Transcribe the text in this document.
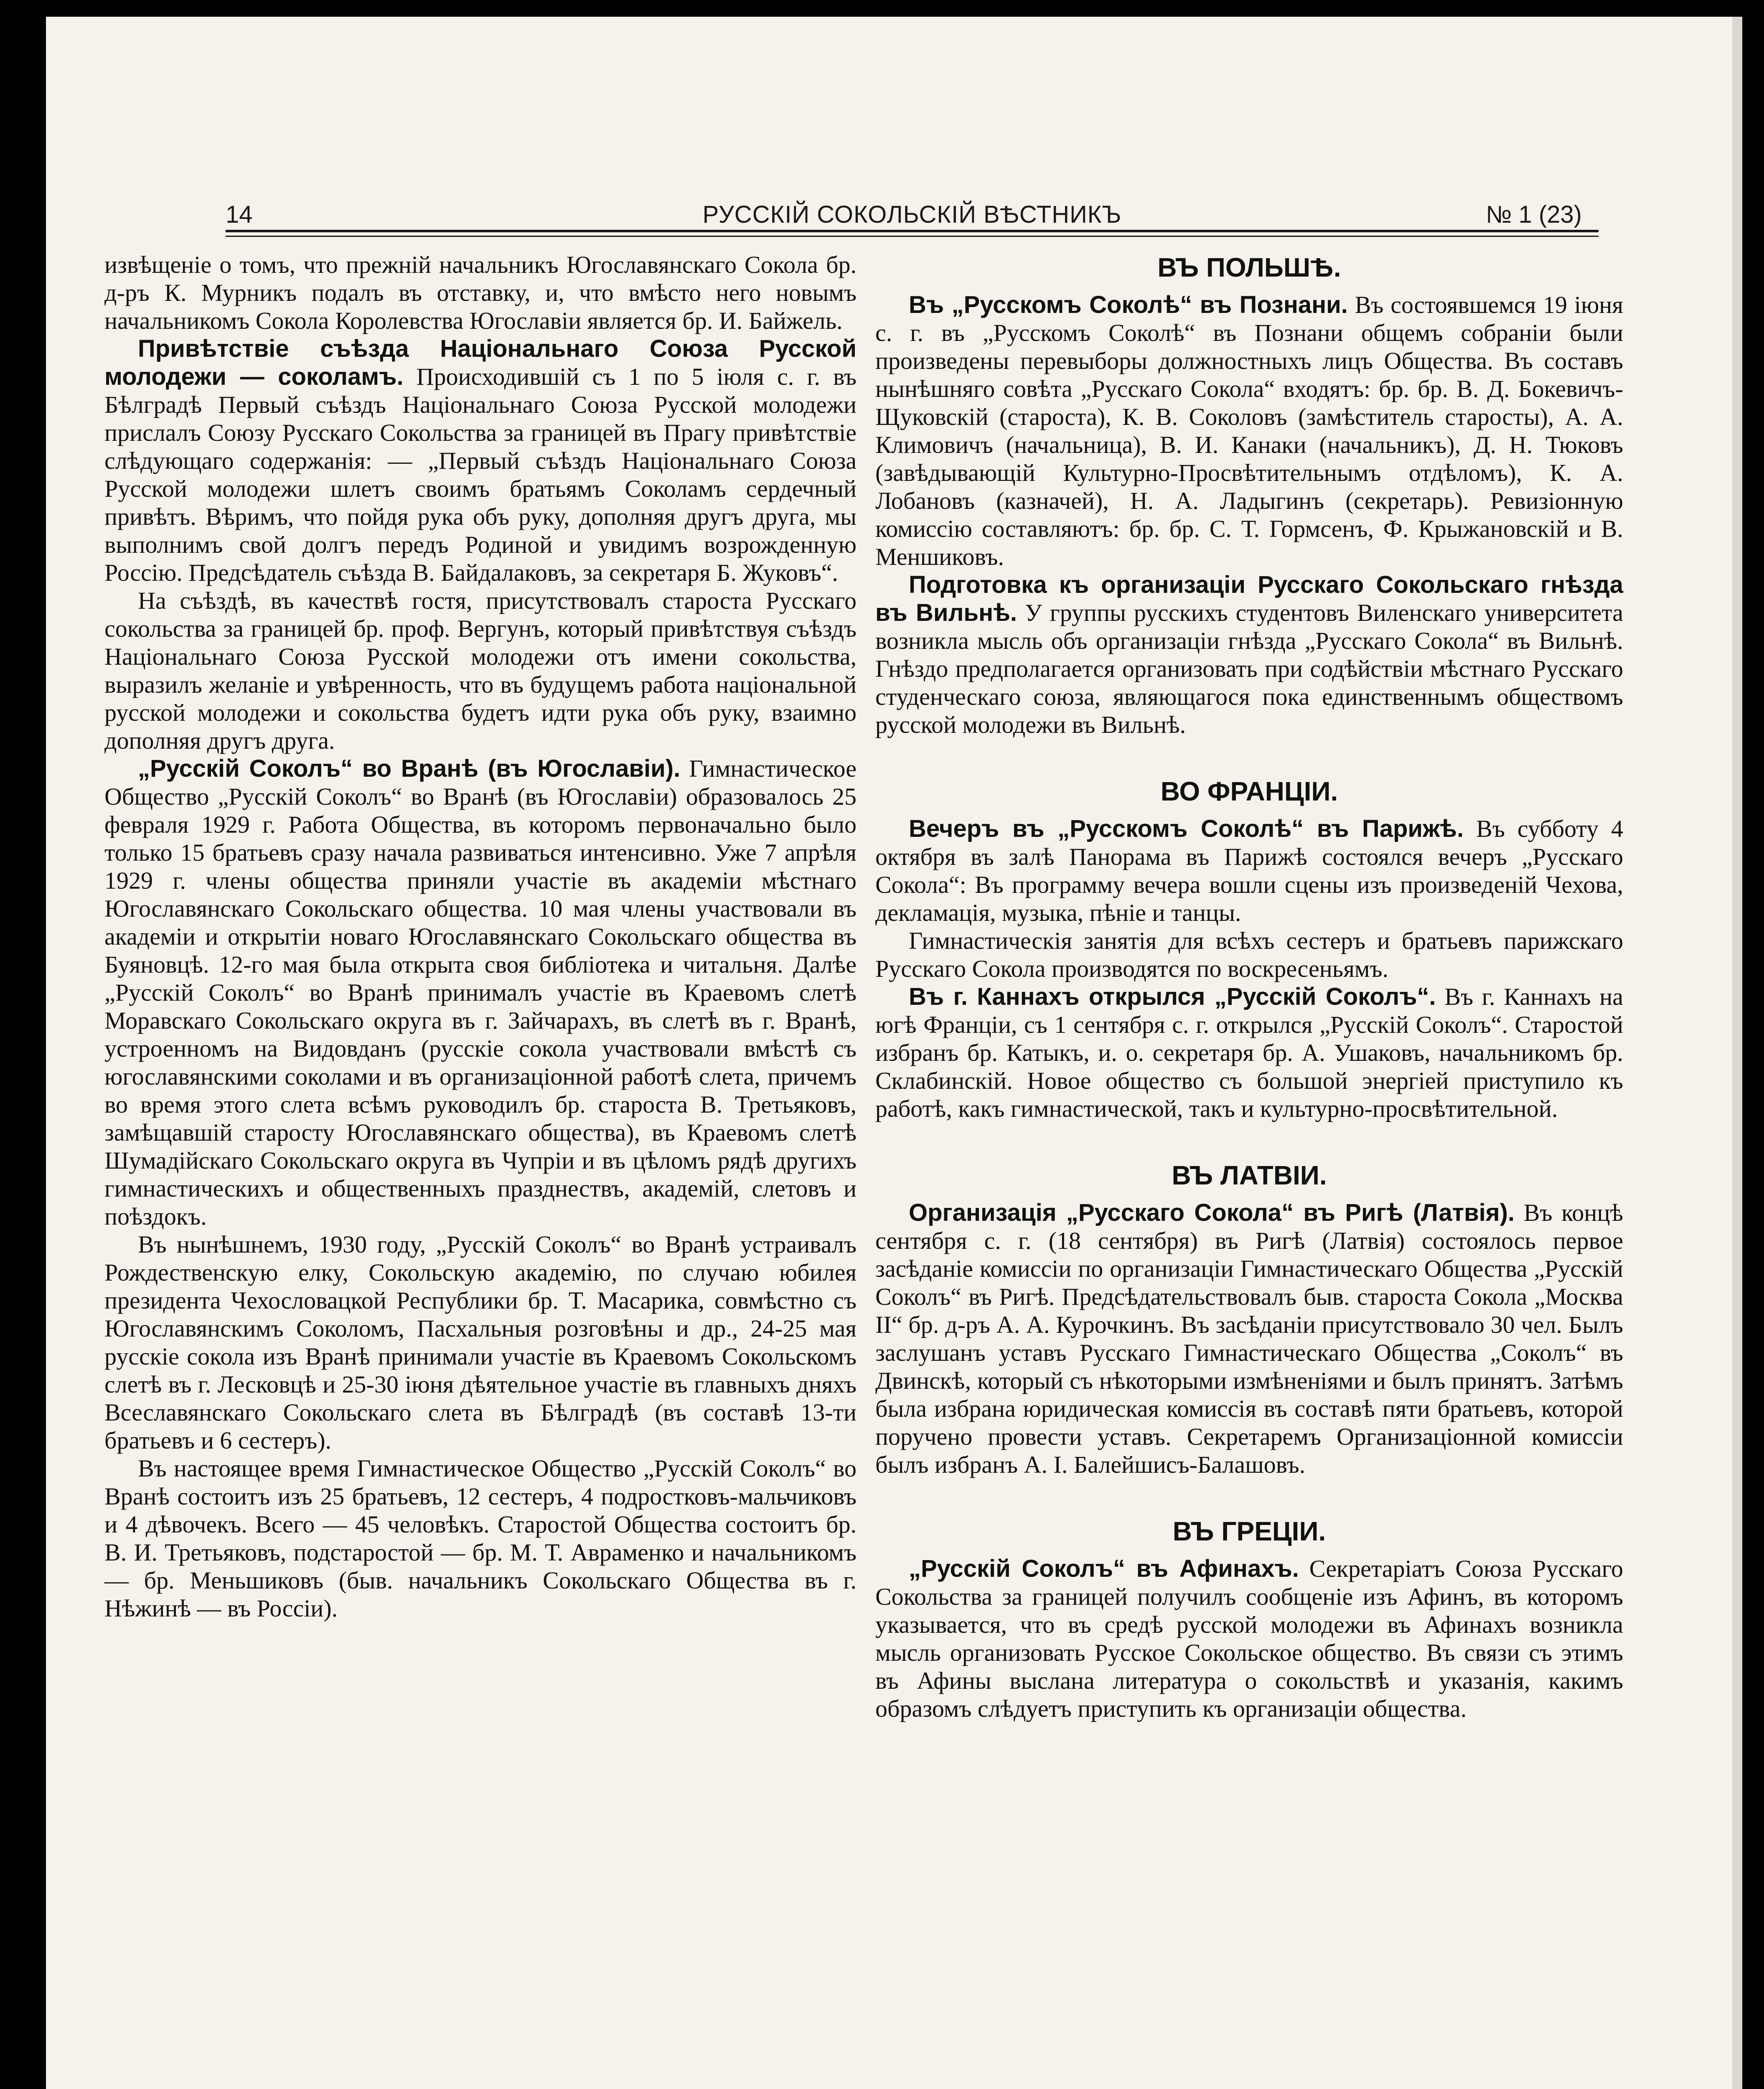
14	РУССКІЙ СОКОЛЬСКІЙ ВѢСТНИКЪ	№ 1 (23)

извѣщеніе о томъ, что прежній начальникъ Югославянскаго Сокола бр. д-ръ К. Мурникъ подалъ въ отставку, и, что вмѣсто него новымъ начальникомъ Сокола Королевства Югославіи является бр. И. Байжель.

Привѣтствіе съѣзда Національнаго Союза Русской молодежи — соколамъ. Происходившій съ 1 по 5 іюля с. г. въ Бѣлградѣ Первый съѣздъ Національнаго Союза Русской молодежи прислалъ Союзу Русскаго Сокольства за границей въ Прагу привѣтствіе слѣдующаго содержанія: — „Первый съѣздъ Національнаго Союза Русской молодежи шлетъ своимъ братьямъ Соколамъ сердечный привѣтъ. Вѣримъ, что пойдя рука объ руку, дополняя другъ друга, мы выполнимъ свой долгъ передъ Родиной и увидимъ возрожденную Россію. Предсѣдатель съѣзда В. Байдалаковъ, за секретаря Б. Жуковъ“.

На съѣздѣ, въ качествѣ гостя, присутствовалъ староста Русскаго сокольства за границей бр. проф. Вергунъ, который привѣтствуя съѣздъ Національнаго Союза Русской молодежи отъ имени сокольства, выразилъ желаніе и увѣренность, что въ будущемъ работа національной русской молодежи и сокольства будетъ идти рука объ руку, взаимно дополняя другъ друга.

„Русскій Соколъ“ во Вранѣ (въ Югославіи). Гимнастическое Общество „Русскій Соколъ“ во Вранѣ (въ Югославіи) образовалось 25 февраля 1929 г. Работа Общества, въ которомъ первоначально было только 15 братьевъ сразу начала развиваться интенсивно. Уже 7 апрѣля 1929 г. члены общества приняли участіе въ академіи мѣстнаго Югославянскаго Сокольскаго общества. 10 мая члены участвовали въ академіи и открытіи новаго Югославянскаго Сокольскаго общества въ Буяновцѣ. 12-го мая была открыта своя библіотека и читальня. Далѣе „Русскій Соколъ“ во Вранѣ принималъ участіе въ Краевомъ слетѣ Моравскаго Сокольскаго округа въ г. Зайчарахъ, въ слетѣ въ г. Вранѣ, устроенномъ на Видовданъ (русскіе сокола участвовали вмѣстѣ съ югославянскими соколами и въ организаціонной работѣ слета, причемъ во время этого слета всѣмъ руководилъ бр. староста В. Третьяковъ, замѣщавшій старосту Югославянскаго общества), въ Краевомъ слетѣ Шумадійскаго Сокольскаго округа въ Чупріи и въ цѣломъ рядѣ другихъ гимнастическихъ и общественныхъ празднествъ, академій, слетовъ и поѣздокъ.

Въ нынѣшнемъ, 1930 году, „Русскій Соколъ“ во Вранѣ устраивалъ Рождественскую елку, Сокольскую академію, по случаю юбилея президента Чехословацкой Республики бр. Т. Масарика, совмѣстно съ Югославянскимъ Соколомъ, Пасхальныя розговѣны и др., 24-25 мая русскіе сокола изъ Вранѣ принимали участіе въ Краевомъ Сокольскомъ слетѣ въ г. Лесковцѣ и 25-30 іюня дѣятельное участіе въ главныхъ дняхъ Всеславянскаго Сокольскаго слета въ Бѣлградѣ (въ составѣ 13-ти братьевъ и 6 сестеръ).

Въ настоящее время Гимнастическое Общество „Русскій Соколъ“ во Вранѣ состоитъ изъ 25 братьевъ, 12 сестеръ, 4 подростковъ-мальчиковъ и 4 дѣвочекъ. Всего — 45 человѣкъ. Старостой Общества состоитъ бр. В. И. Третьяковъ, подстаростой — бр. М. Т. Авраменко и начальникомъ — бр. Меньшиковъ (быв. начальникъ Сокольскаго Общества въ г. Нѣжинѣ — въ Россіи).

ВЪ ПОЛЬШѢ.

Въ „Русскомъ Соколѣ“ въ Познани. Въ состоявшемся 19 іюня с. г. въ „Русскомъ Соколѣ“ въ Познани общемъ собраніи были произведены перевыборы должностныхъ лицъ Общества. Въ составъ нынѣшняго совѣта „Русскаго Сокола“ входятъ: бр. бр. В. Д. Бокевичъ-Щуковскій (староста), К. В. Соколовъ (замѣститель старосты), А. А. Климовичъ (начальница), В. И. Канаки (начальникъ), Д. Н. Тюковъ (завѣдывающій Культурно-Просвѣтительнымъ отдѣломъ), К. А. Лобановъ (казначей), Н. А. Ладыгинъ (секретарь). Ревизіонную комиссію составляютъ: бр. бр. С. Т. Гормсенъ, Ф. Крыжановскій и В. Меншиковъ.

Подготовка къ организаціи Русскаго Сокольскаго гнѣзда въ Вильнѣ. У группы русскихъ студентовъ Виленскаго университета возникла мысль объ организаціи гнѣзда „Русскаго Сокола“ въ Вильнѣ. Гнѣздо предполагается организовать при содѣйствіи мѣстнаго Русскаго студенческаго союза, являющагося пока единственнымъ обществомъ русской молодежи въ Вильнѣ.

ВО ФРАНЦІИ.

Вечеръ въ „Русскомъ Соколѣ“ въ Парижѣ. Въ субботу 4 октября въ залѣ Панорама въ Парижѣ состоялся вечеръ „Русскаго Сокола“: Въ программу вечера вошли сцены изъ произведеній Чехова, декламація, музыка, пѣніе и танцы.

Гимнастическія занятія для всѣхъ сестеръ и братьевъ парижскаго Русскаго Сокола производятся по воскресеньямъ.

Въ г. Каннахъ открылся „Русскій Соколъ“. Въ г. Каннахъ на югѣ Франціи, съ 1 сентября с. г. открылся „Русскій Соколъ“. Старостой избранъ бр. Катыкъ, и. о. секретаря бр. А. Ушаковъ, начальникомъ бр. Склабинскій. Новое общество съ большой энергіей приступило къ работѣ, какъ гимнастической, такъ и культурно-просвѣтительной.

ВЪ ЛАТВІИ.

Организація „Русскаго Сокола“ въ Ригѣ (Латвія). Въ концѣ сентября с. г. (18 сентября) въ Ригѣ (Латвія) состоялось первое засѣданіе комиссіи по организаціи Гимнастическаго Общества „Русскій Соколъ“ въ Ригѣ. Предсѣдательствовалъ быв. староста Сокола „Москва II“ бр. д-ръ А. А. Курочкинъ. Въ засѣданіи присутствовало 30 чел. Былъ заслушанъ уставъ Русскаго Гимнастическаго Общества „Соколъ“ въ Двинскѣ, который съ нѣкоторыми измѣненіями и былъ принятъ. Затѣмъ была избрана юридическая комиссія въ составѣ пяти братьевъ, которой поручено провести уставъ. Секретаремъ Организаціонной комиссіи былъ избранъ А. І. Балейшисъ-Балашовъ.

ВЪ ГРЕЦІИ.

„Русскій Соколъ“ въ Афинахъ. Секретаріатъ Союза Русскаго Сокольства за границей получилъ сообщеніе изъ Афинъ, въ которомъ указывается, что въ средѣ русской молодежи въ Афинахъ возникла мысль организовать Русское Сокольское общество. Въ связи съ этимъ въ Афины выслана литература о сокольствѣ и указанія, какимъ образомъ слѣдуетъ приступить къ организаціи общества.
